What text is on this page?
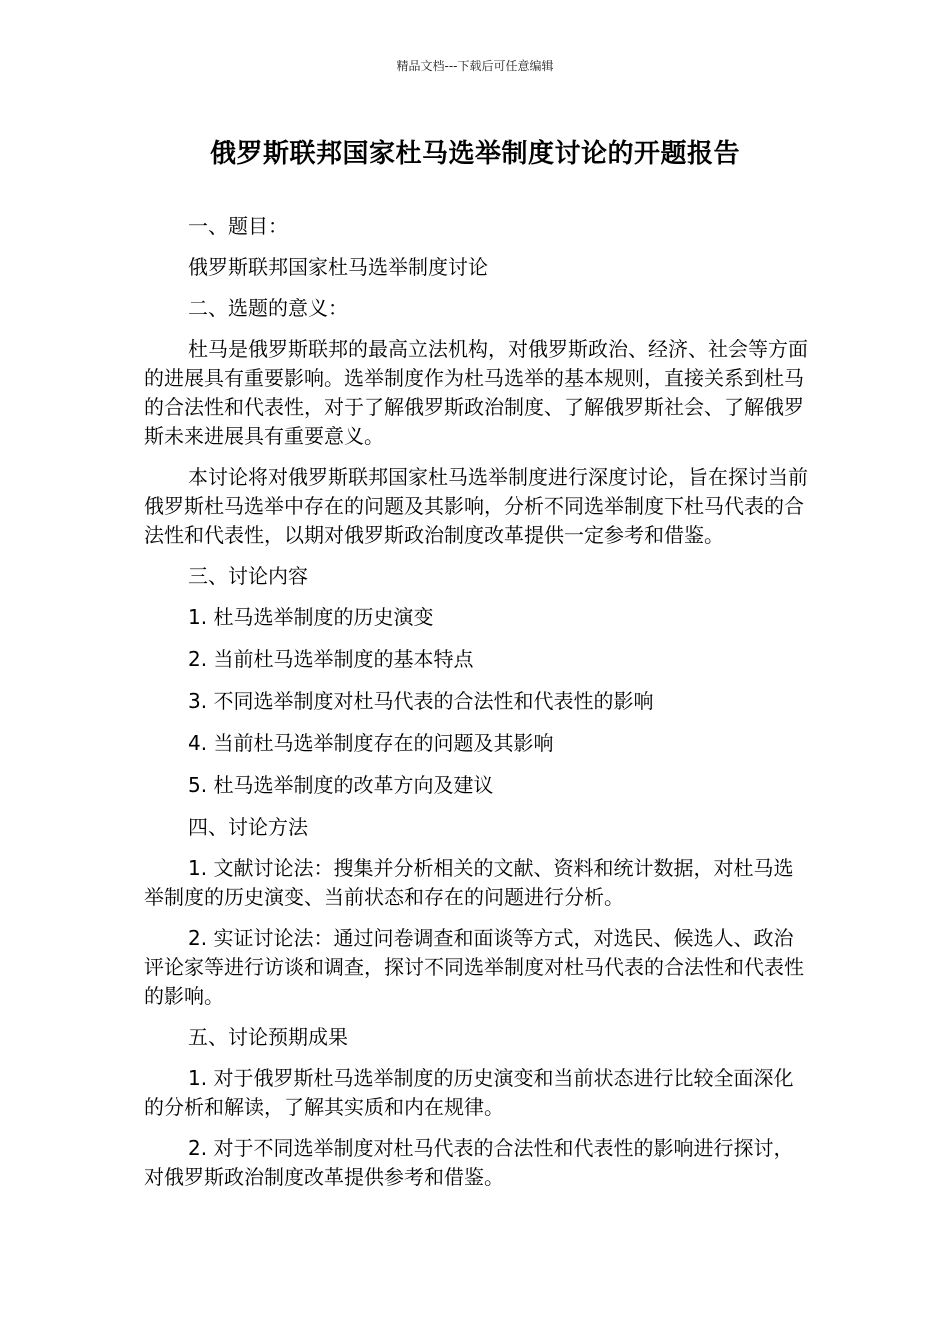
精品文档---下载后可任意编辑
俄罗斯联邦国家杜马选举制度讨论的开题报告

一、题目：

俄罗斯联邦国家杜马选举制度讨论

二、选题的意义：

杜马是俄罗斯联邦的最高立法机构，对俄罗斯政治、经济、社会等方面的进展具有重要影响。选举制度作为杜马选举的基本规则，直接关系到杜马的合法性和代表性，对于了解俄罗斯政治制度、了解俄罗斯社会、了解俄罗斯未来进展具有重要意义。

本讨论将对俄罗斯联邦国家杜马选举制度进行深度讨论，旨在探讨当前俄罗斯杜马选举中存在的问题及其影响，分析不同选举制度下杜马代表的合法性和代表性，以期对俄罗斯政治制度改革提供一定参考和借鉴。

三、讨论内容

1. 杜马选举制度的历史演变

2. 当前杜马选举制度的基本特点

3. 不同选举制度对杜马代表的合法性和代表性的影响

4. 当前杜马选举制度存在的问题及其影响

5. 杜马选举制度的改革方向及建议

四、讨论方法

1. 文献讨论法：搜集并分析相关的文献、资料和统计数据，对杜马选举制度的历史演变、当前状态和存在的问题进行分析。

2. 实证讨论法：通过问卷调查和面谈等方式，对选民、候选人、政治评论家等进行访谈和调查，探讨不同选举制度对杜马代表的合法性和代表性的影响。

五、讨论预期成果

1. 对于俄罗斯杜马选举制度的历史演变和当前状态进行比较全面深化的分析和解读，了解其实质和内在规律。

2. 对于不同选举制度对杜马代表的合法性和代表性的影响进行探讨，对俄罗斯政治制度改革提供参考和借鉴。
